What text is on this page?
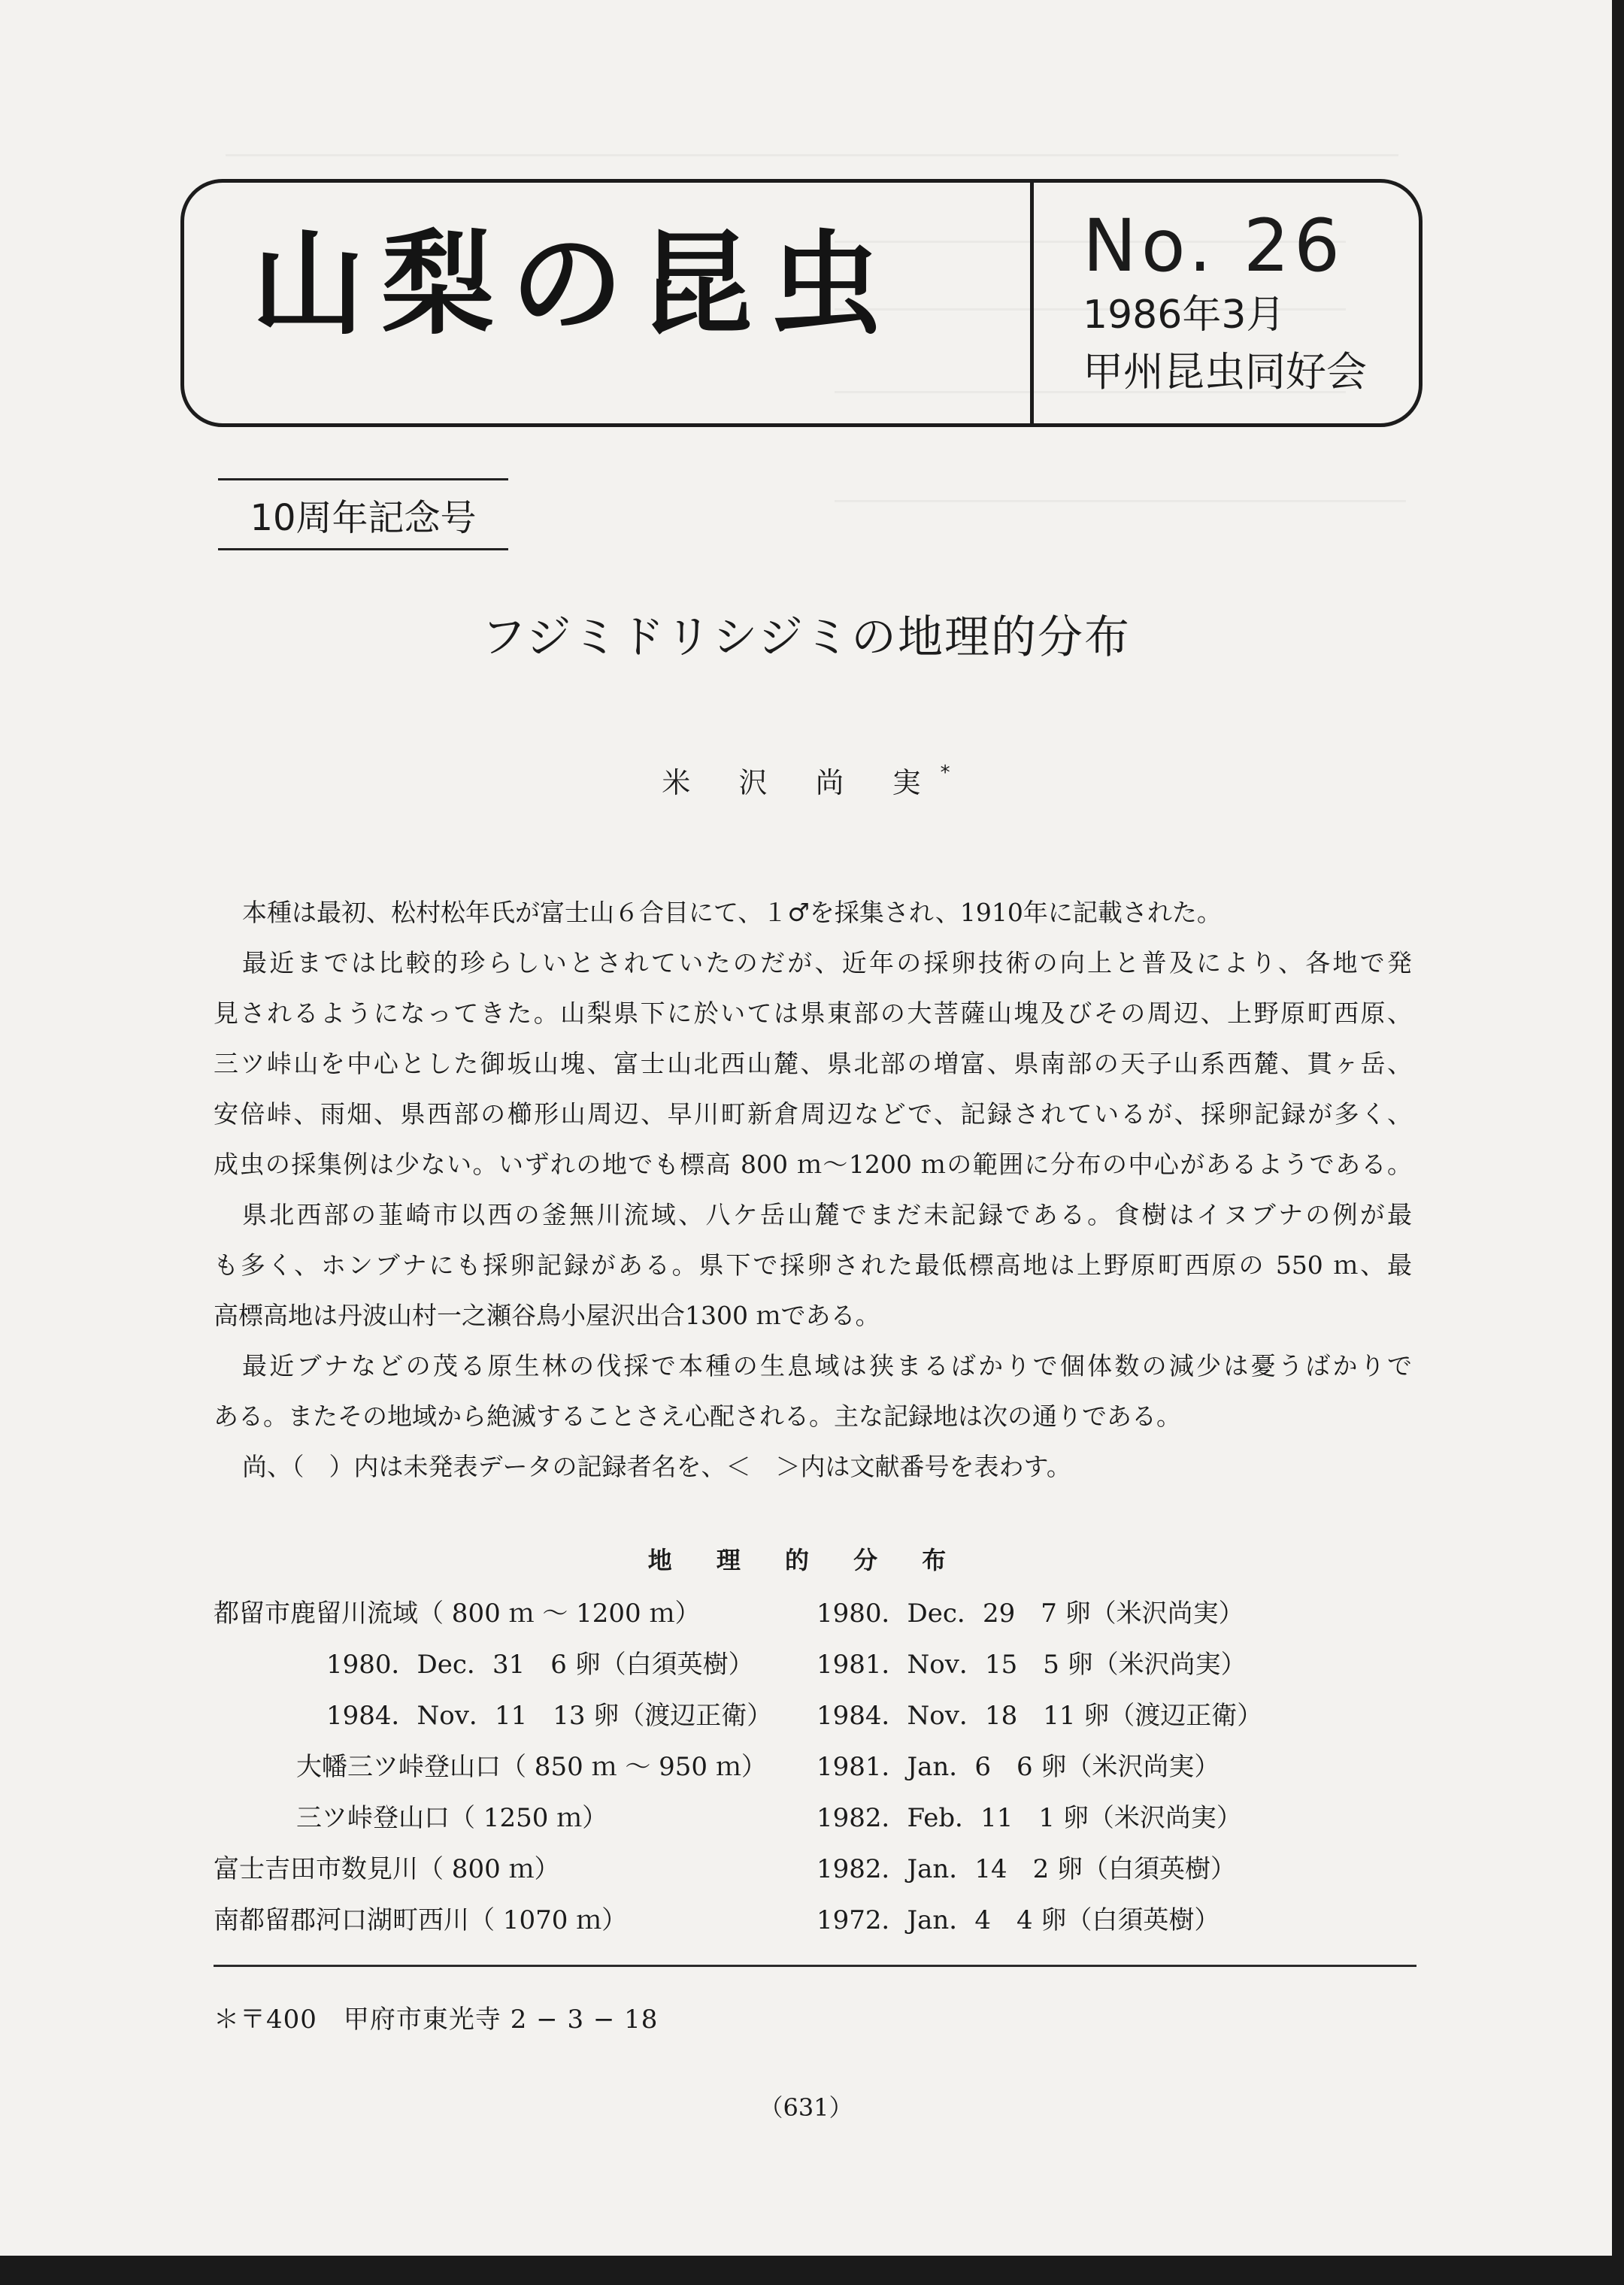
山梨の昆虫	No. 26
1986年3月
甲州昆虫同好会
10周年記念号
フジミドリシジミの地理的分布
米 沢 尚 実*
本種は最初、松村松年氏が富士山６合目にて、１♂を採集され、1910年に記載された。
最近までは比較的珍らしいとされていたのだが、近年の採卵技術の向上と普及により、各地で発
見されるようになってきた。山梨県下に於いては県東部の大菩薩山塊及びその周辺、上野原町西原、
三ツ峠山を中心とした御坂山塊、富士山北西山麓、県北部の増富、県南部の天子山系西麓、貫ヶ岳、
安倍峠、雨畑、県西部の櫛形山周辺、早川町新倉周辺などで、記録されているが、採卵記録が多く、
成虫の採集例は少ない。いずれの地でも標高 800 ｍ〜1200 ｍの範囲に分布の中心があるようである。
県北西部の韮崎市以西の釜無川流域、八ケ岳山麓でまだ未記録である。食樹はイヌブナの例が最
も多く、ホンブナにも採卵記録がある。県下で採卵された最低標高地は上野原町西原の 550 ｍ、最
高標高地は丹波山村一之瀬谷鳥小屋沢出合1300 ｍである。
最近ブナなどの茂る原生林の伐採で本種の生息域は狭まるばかりで個体数の減少は憂うばかりで
ある。またその地域から絶滅することさえ心配される。主な記録地は次の通りである。
尚、（　）内は未発表データの記録者名を、＜　＞内は文献番号を表わす。
地 理 的 分 布
都留市鹿留川流域（ 800 ｍ 〜 1200 ｍ）
1980．Dec．31　6 卵（白須英樹）
1984．Nov．11　13 卵（渡辺正衛）
大幡三ツ峠登山口（ 850 ｍ 〜 950 ｍ）
三ツ峠登山口（ 1250 ｍ）
富士吉田市数見川（ 800 ｍ）
南都留郡河口湖町西川（ 1070 ｍ）
1980．Dec．29　7 卵（米沢尚実）
1981．Nov．15　5 卵（米沢尚実）
1984．Nov．18　11 卵（渡辺正衛）
1981．Jan．6　6 卵（米沢尚実）
1982．Feb．11　1 卵（米沢尚実）
1982．Jan．14　2 卵（白須英樹）
1972．Jan．4　4 卵（白須英樹）
＊〒400　甲府市東光寺 2 − 3 − 18
（631）
